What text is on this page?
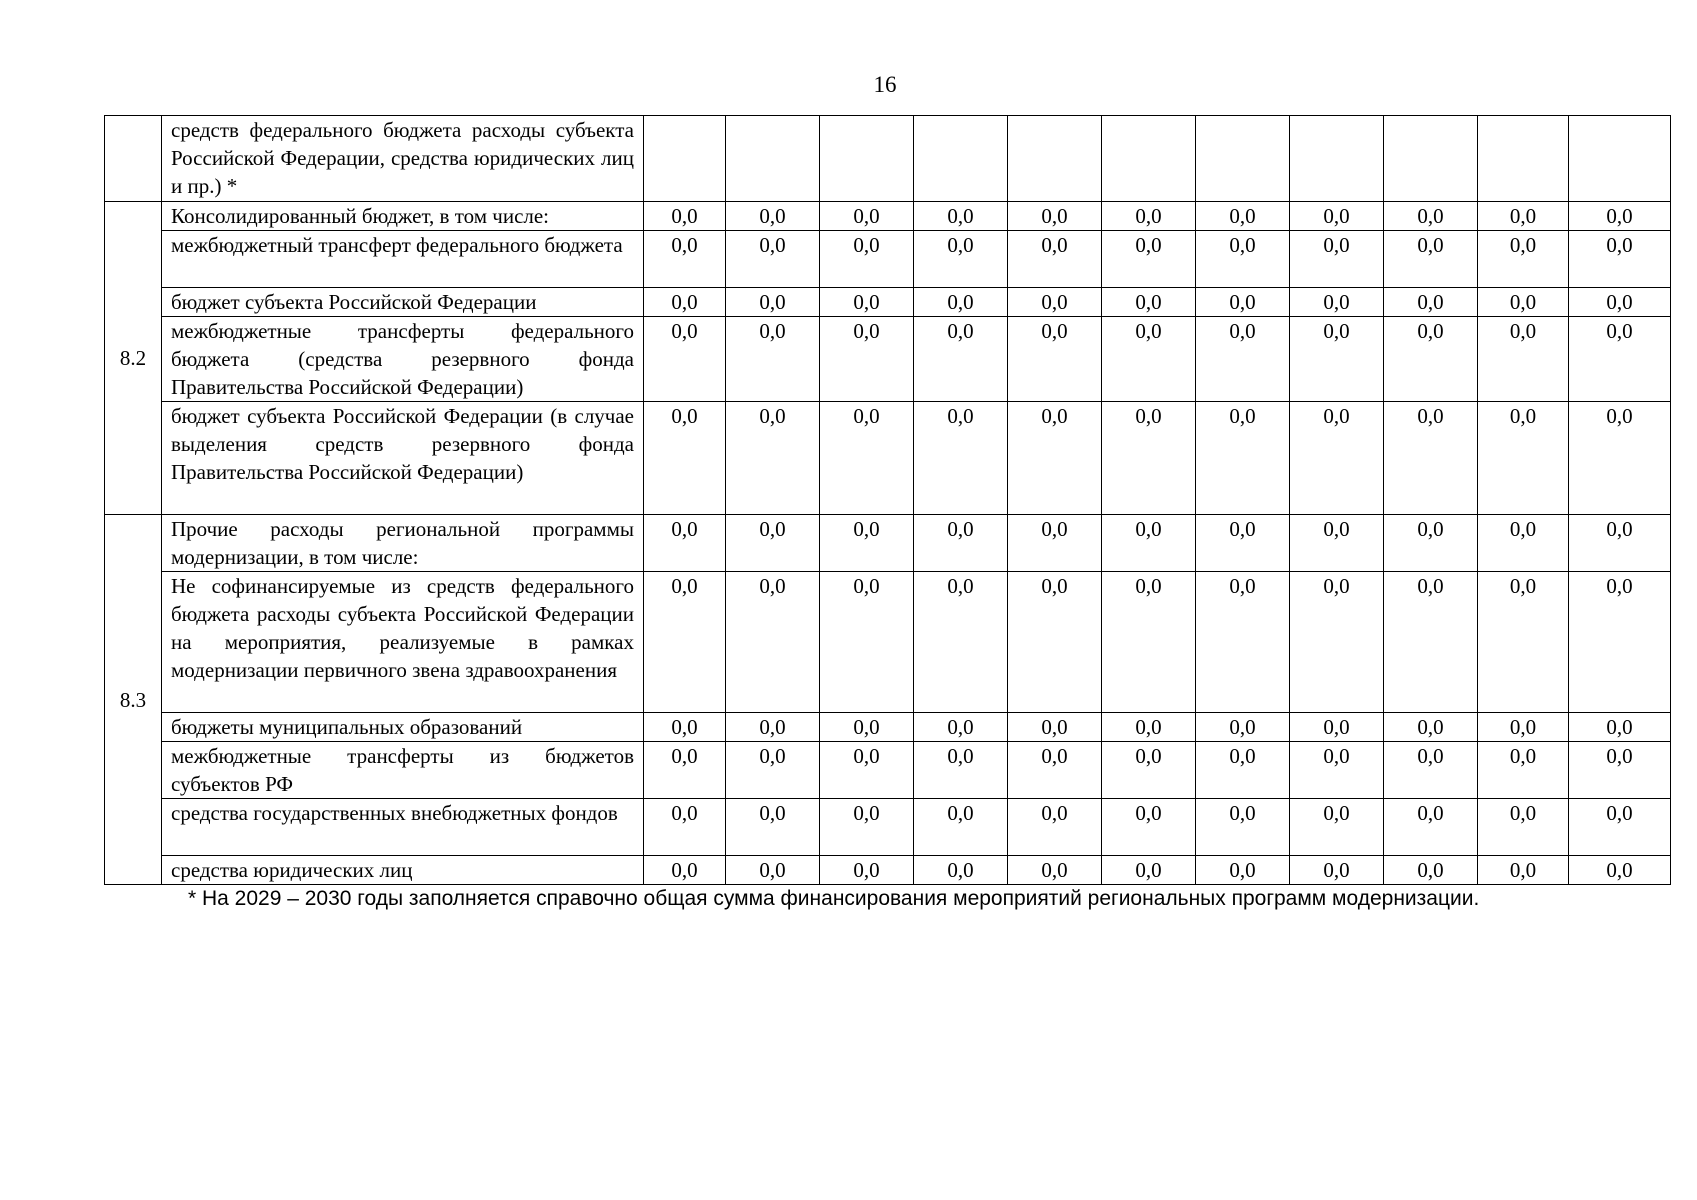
16
	средств федерального бюджета расходы субъекта Российской Федерации, средства юридических лиц и пр.) *											
8.2	Консолидированный бюджет, в том числе:	0,0	0,0	0,0	0,0	0,0	0,0	0,0	0,0	0,0	0,0	0,0
	межбюджетный трансферт федерального бюджета	0,0	0,0	0,0	0,0	0,0	0,0	0,0	0,0	0,0	0,0	0,0
	бюджет субъекта Российской Федерации	0,0	0,0	0,0	0,0	0,0	0,0	0,0	0,0	0,0	0,0	0,0
	межбюджетные трансферты федерального бюджета (средства резервного фонда Правительства Российской Федерации)	0,0	0,0	0,0	0,0	0,0	0,0	0,0	0,0	0,0	0,0	0,0
	бюджет субъекта Российской Федерации (в случае выделения средств резервного фонда Правительства Российской Федерации)	0,0	0,0	0,0	0,0	0,0	0,0	0,0	0,0	0,0	0,0	0,0
8.3	Прочие расходы региональной программы модернизации, в том числе:	0,0	0,0	0,0	0,0	0,0	0,0	0,0	0,0	0,0	0,0	0,0
	Не софинансируемые из средств федерального бюджета расходы субъекта Российской Федерации на мероприятия, реализуемые в рамках модернизации первичного звена здравоохранения	0,0	0,0	0,0	0,0	0,0	0,0	0,0	0,0	0,0	0,0	0,0
	бюджеты муниципальных образований	0,0	0,0	0,0	0,0	0,0	0,0	0,0	0,0	0,0	0,0	0,0
	межбюджетные трансферты из бюджетов субъектов РФ	0,0	0,0	0,0	0,0	0,0	0,0	0,0	0,0	0,0	0,0	0,0
	средства государственных внебюджетных фондов	0,0	0,0	0,0	0,0	0,0	0,0	0,0	0,0	0,0	0,0	0,0
	средства юридических лиц	0,0	0,0	0,0	0,0	0,0	0,0	0,0	0,0	0,0	0,0	0,0
* На 2029 – 2030 годы заполняется справочно общая сумма финансирования мероприятий региональных программ модернизации.
